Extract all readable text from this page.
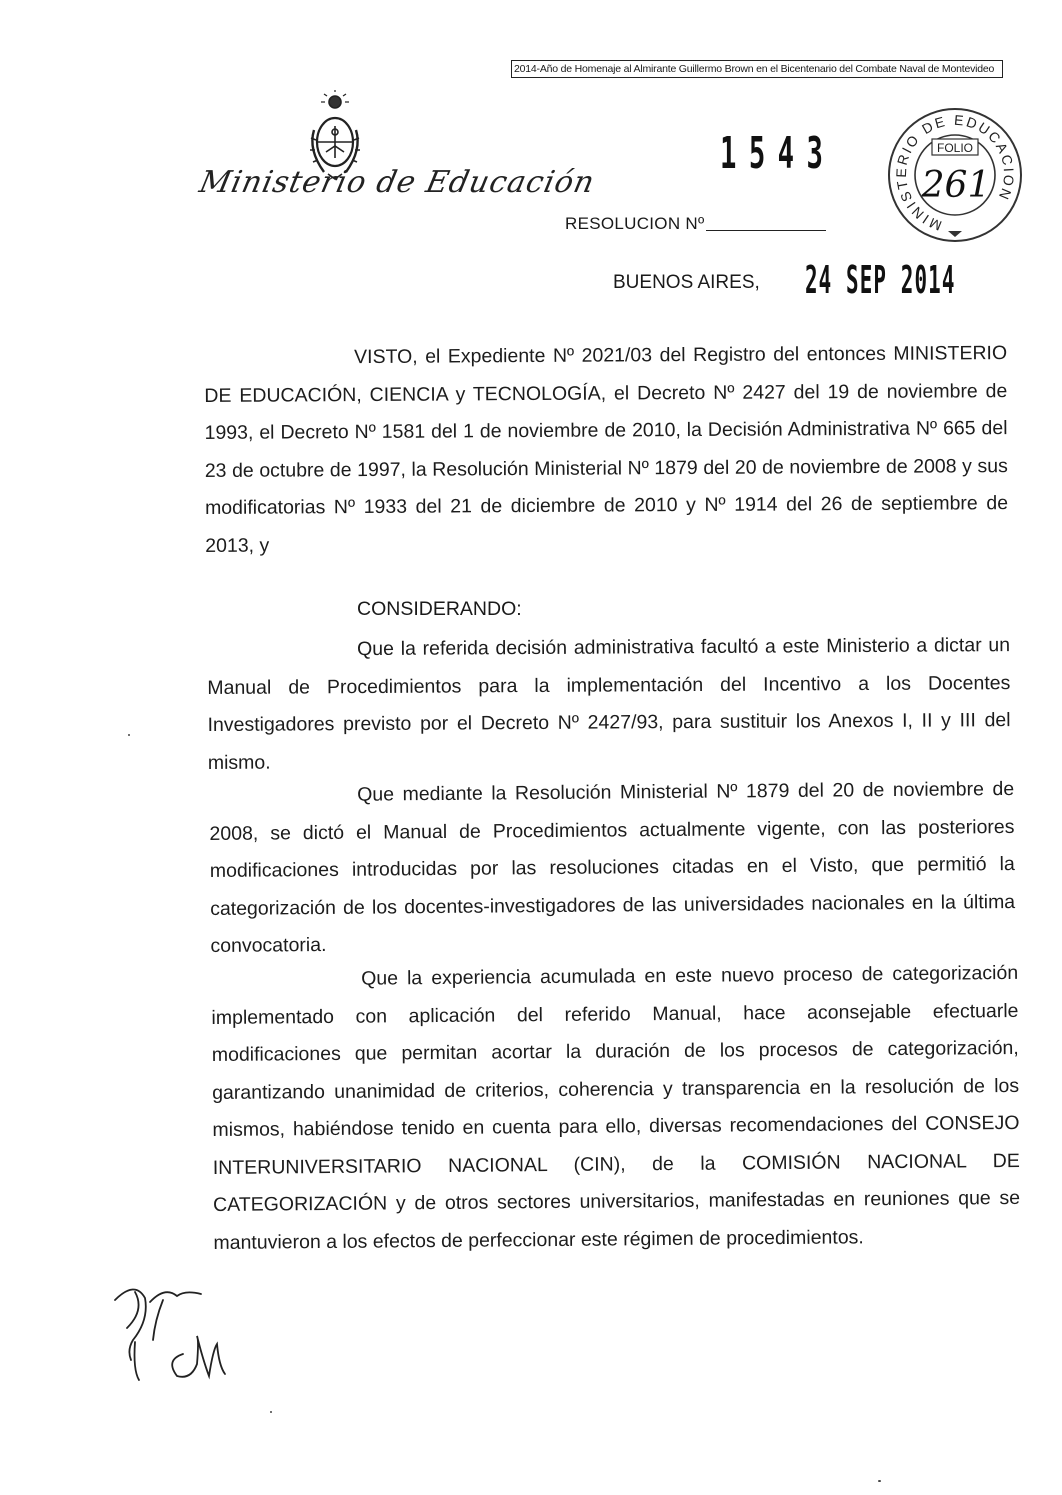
2014-Año de Homenaje al Almirante Guillermo Brown en el Bicentenario del Combate Naval de Montevideo
Ministerio de Educación
1543
RESOLUCION Nº	MINISTERIO DE EDUCACION
FOLIO
261
BUENOS AIRES, 24 SEP 2014
VISTO, el Expediente Nº 2021/03 del Registro del entonces MINISTERIO DE EDUCACIÓN, CIENCIA y TECNOLOGÍA, el Decreto Nº 2427 del 19 de noviembre de 1993, el Decreto Nº 1581 del 1 de noviembre de 2010, la Decisión Administrativa Nº 665 del 23 de octubre de 1997, la Resolución Ministerial Nº 1879 del 20 de noviembre de 2008 y sus modificatorias Nº 1933 del 21 de diciembre de 2010 y Nº 1914 del 26 de septiembre de 2013, y
CONSIDERANDO:
Que la referida decisión administrativa facultó a este Ministerio a dictar un Manual de Procedimientos para la implementación del Incentivo a los Docentes Investigadores previsto por el Decreto Nº 2427/93, para sustituir los Anexos I, II y III del mismo.
Que mediante la Resolución Ministerial Nº 1879 del 20 de noviembre de 2008, se dictó el Manual de Procedimientos actualmente vigente, con las posteriores modificaciones introducidas por las resoluciones citadas en el Visto, que permitió la categorización de los docentes-investigadores de las universidades nacionales en la última convocatoria.
Que la experiencia acumulada en este nuevo proceso de categorización implementado con aplicación del referido Manual, hace aconsejable efectuarle modificaciones que permitan acortar la duración de los procesos de categorización, garantizando unanimidad de criterios, coherencia y transparencia en la resolución de los mismos, habiéndose tenido en cuenta para ello, diversas recomendaciones del CONSEJO INTERUNIVERSITARIO NACIONAL (CIN), de la COMISIÓN NACIONAL DE CATEGORIZACIÓN y de otros sectores universitarios, manifestadas en reuniones que se mantuvieron a los efectos de perfeccionar este régimen de procedimientos.
